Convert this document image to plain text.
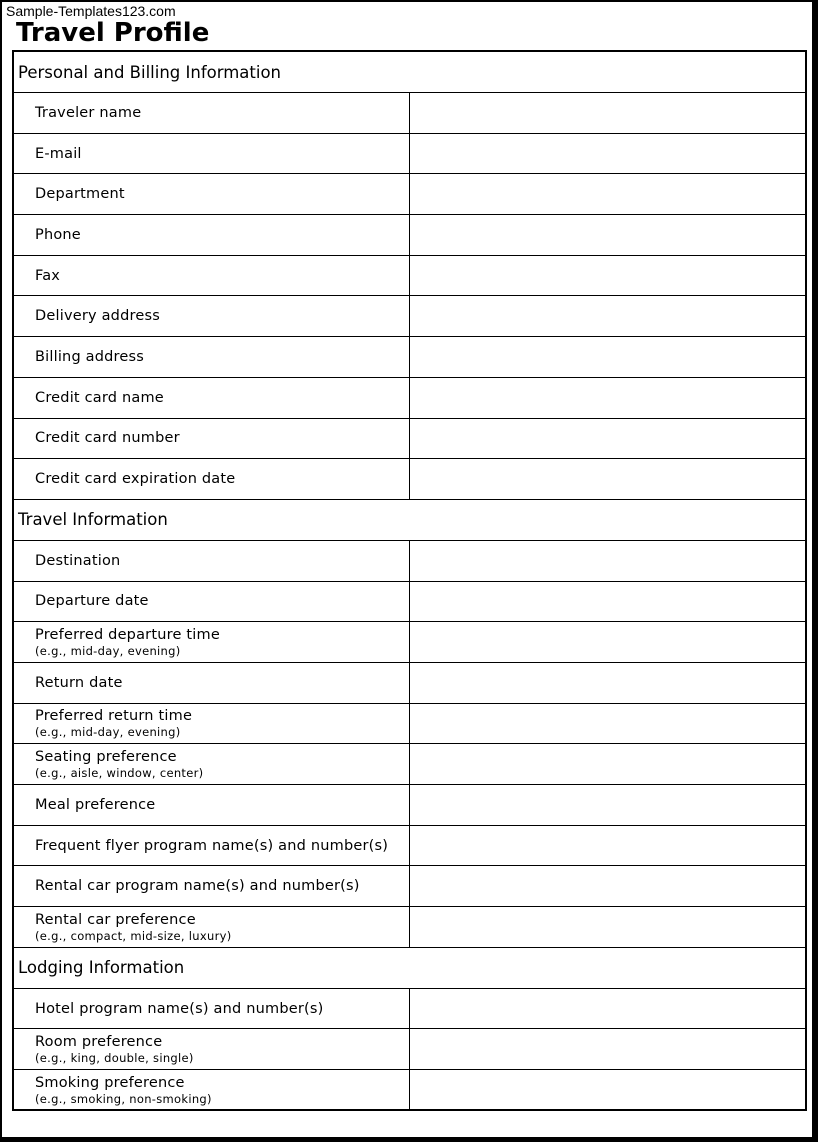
Sample-Templates123.com
Travel Profile
Personal and Billing Information	

Traveler name

E-mail

Department

Phone

Fax

Delivery address

Billing address

Credit card name

Credit card number

Credit card expiration date

Travel Information	

Destination

Departure date

Preferred departure time
(e.g., mid-day, evening)

Return date

Preferred return time
(e.g., mid-day, evening)

Seating preference
(e.g., aisle, window, center)

Meal preference

Frequent flyer program name(s) and number(s)

Rental car program name(s) and number(s)

Rental car preference
(e.g., compact, mid-size, luxury)

Lodging Information	

Hotel program name(s) and number(s)

Room preference
(e.g., king, double, single)

Smoking preference
(e.g., smoking, non-smoking)
